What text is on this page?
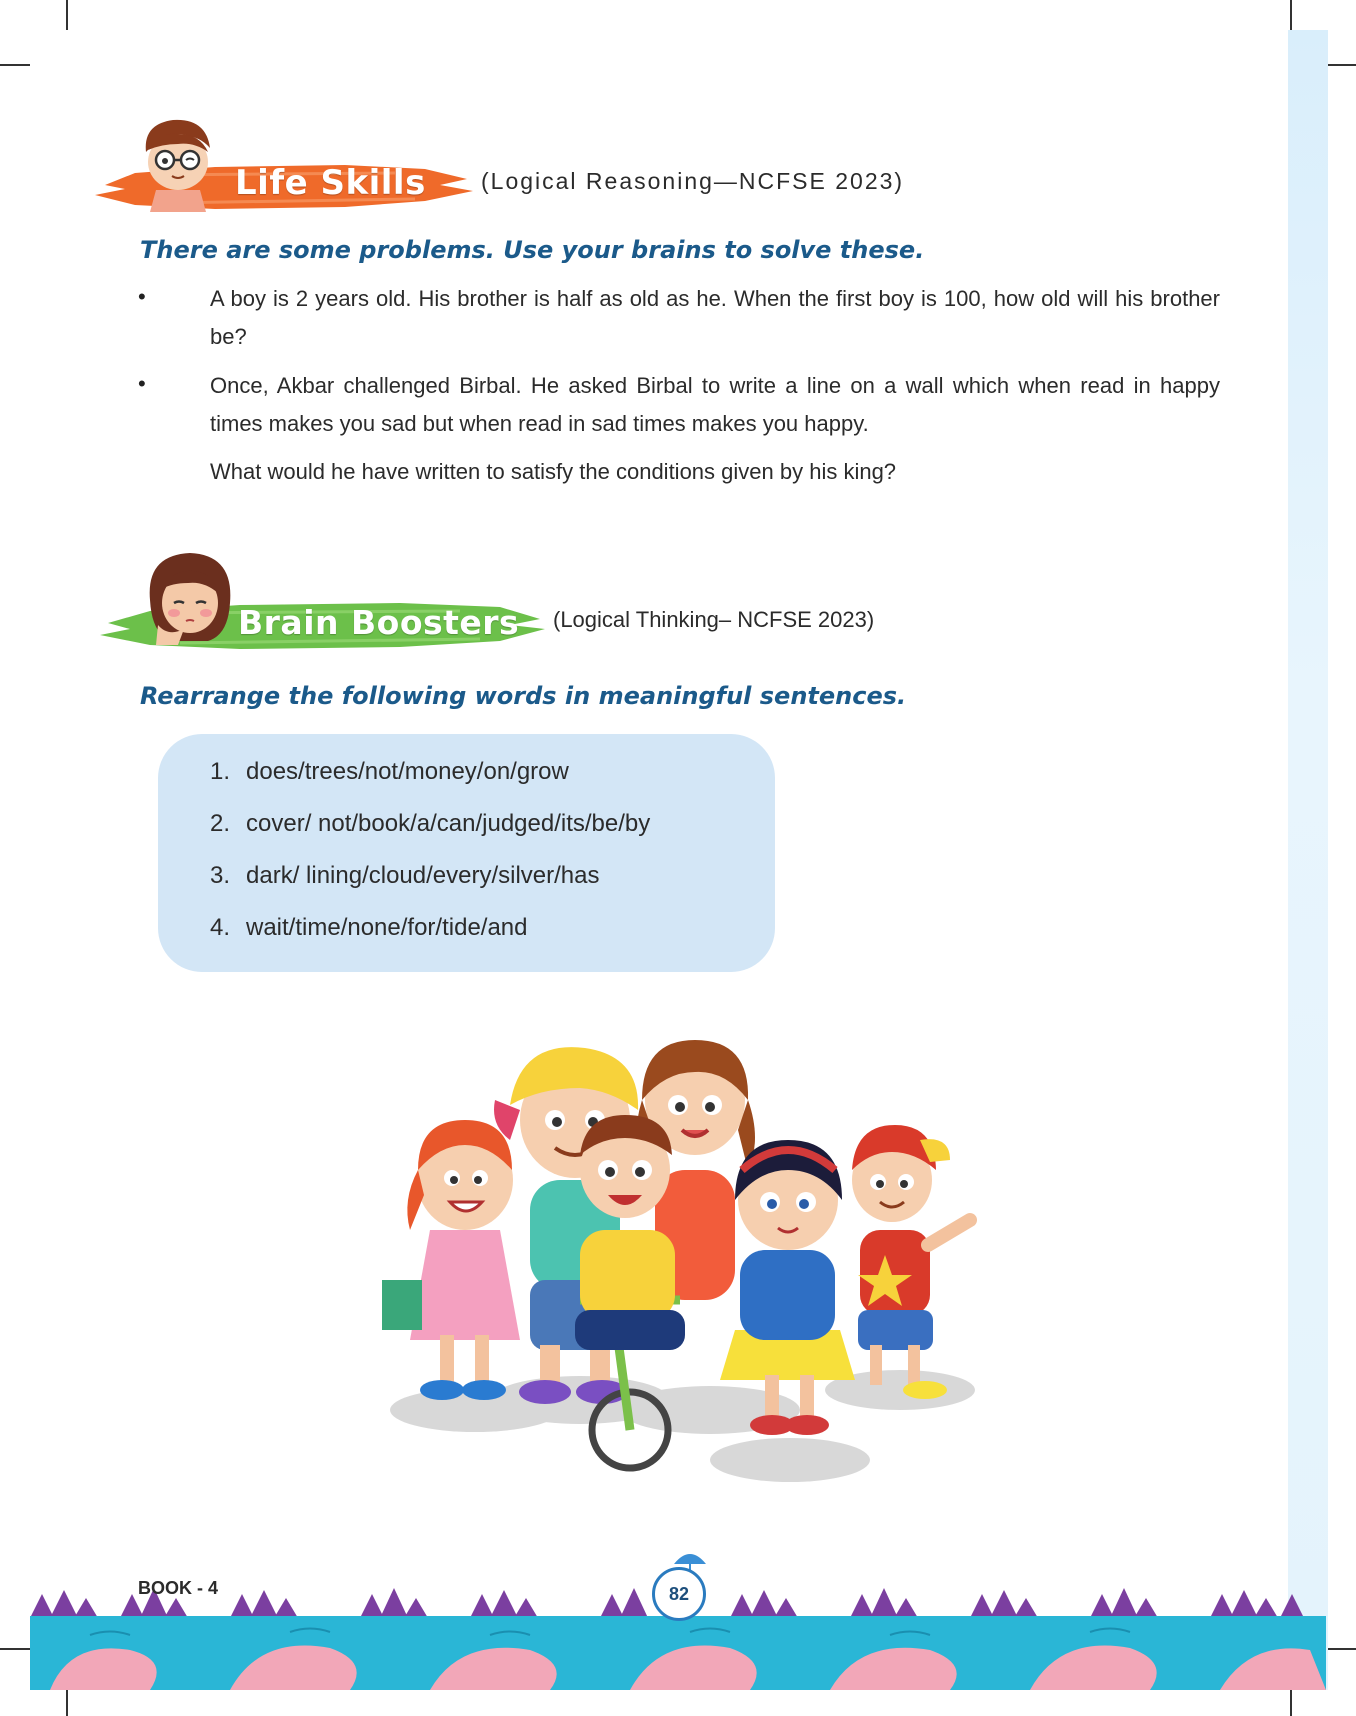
Life Skills (Logical Reasoning—NCFSE 2023)
There are some problems. Use your brains to solve these.
•	A boy is 2 years old. His brother is half as old as he. When the first boy is 100, how old will his brother be?
•	Once, Akbar challenged Birbal. He asked Birbal to write a line on a wall which when read in happy times makes you sad but when read in sad times makes you happy.
What would he have written to satisfy the conditions given by his king?
Brain Boosters (Logical Thinking– NCFSE 2023)
Rearrange the following words in meaningful sentences.
1. does/trees/not/money/on/grow
2. cover/ not/book/a/can/judged/its/be/by
3. dark/ lining/cloud/every/silver/has
4. wait/time/none/for/tide/and
BOOK - 4	82
